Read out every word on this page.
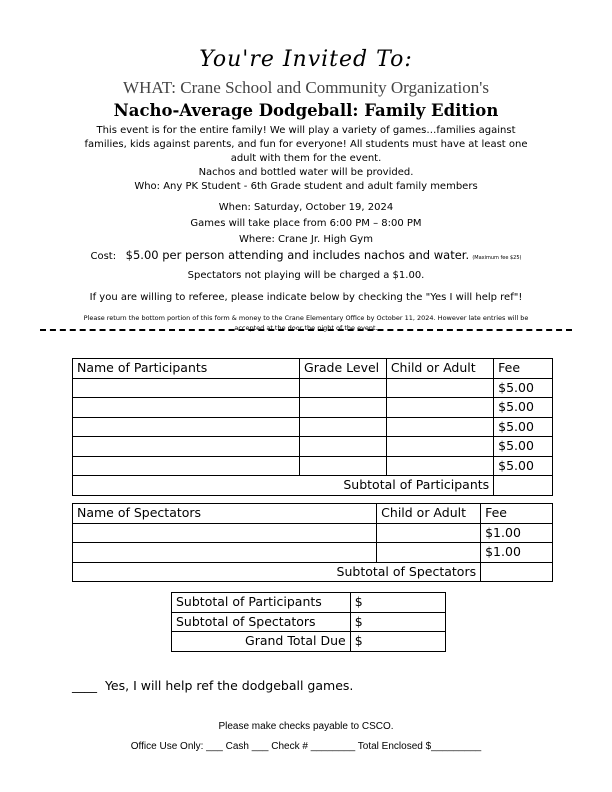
You're Invited To:
WHAT: Crane School and Community Organization's
Nacho-Average Dodgeball: Family Edition
This event is for the entire family! We will play a variety of games…families against families, kids against parents, and fun for everyone! All students must have at least one adult with them for the event.
Nachos and bottled water will be provided.
Who: Any PK Student - 6th Grade student and adult family members
When: Saturday, October 19, 2024
Games will take place from 6:00 PM – 8:00 PM
Where: Crane Jr. High Gym
Cost: $5.00 per person attending and includes nachos and water. (Maximum fee $25)
Spectators not playing will be charged a $1.00.
If you are willing to referee, please indicate below by checking the "Yes I will help ref"!
Please return the bottom portion of this form & money to the Crane Elementary Office by October 11, 2024. However late entries will be accepted at the door the night of the event.
Name of Participants	Grade Level	Child or Adult	Fee
			$5.00
			$5.00
			$5.00
			$5.00
			$5.00
Subtotal of Participants			
Name of Spectators	Child or Adult	Fee
		$1.00
		$1.00
Subtotal of Spectators		
Subtotal of Participants	$
Subtotal of Spectators	$
Grand Total Due	$
____ Yes, I will help ref the dodgeball games.
Please make checks payable to CSCO.
Office Use Only: ___ Cash ___ Check # ________ Total Enclosed $_________
